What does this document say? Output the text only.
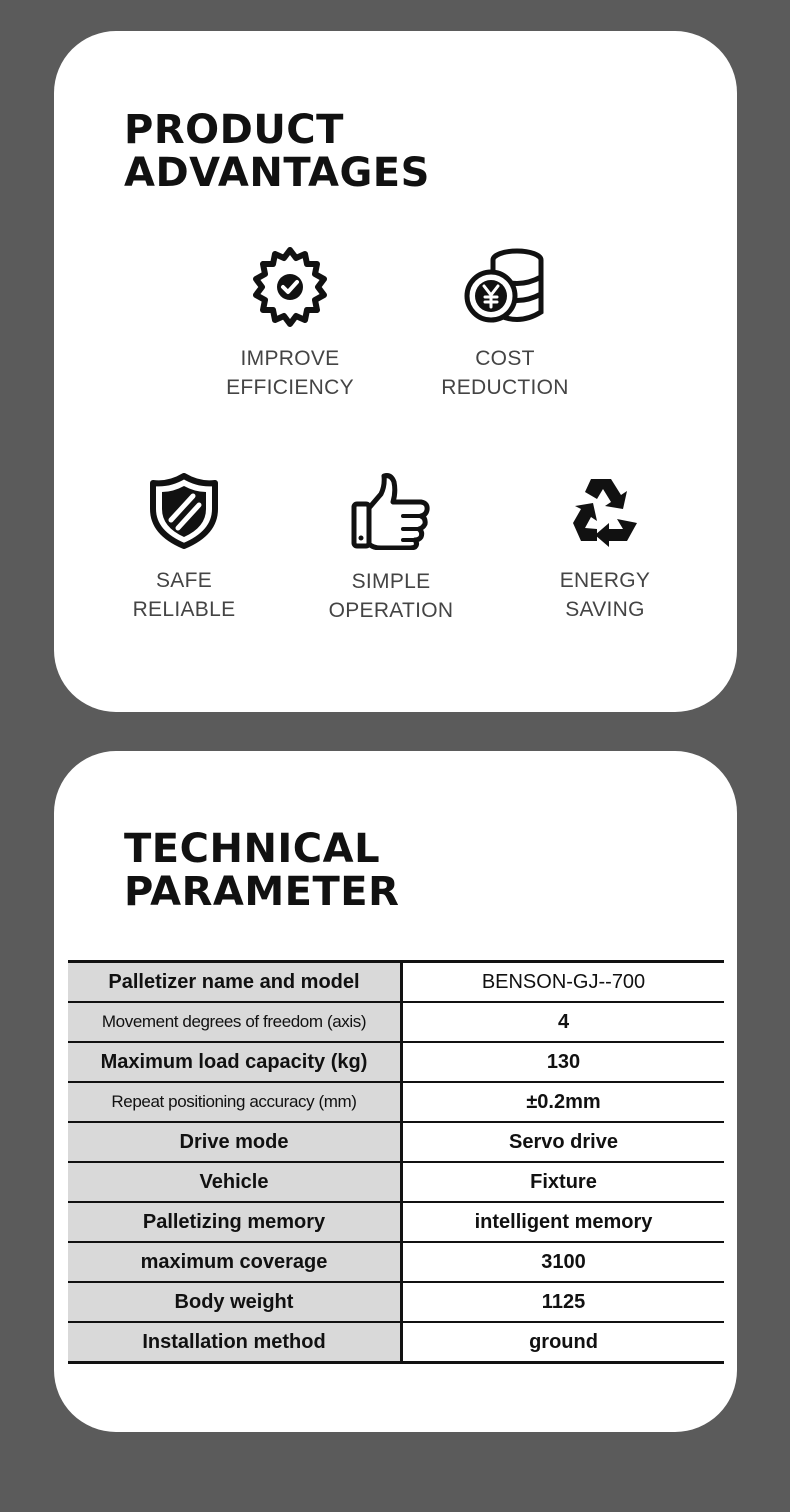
PRODUCT
ADVANTAGES
IMPROVE
EFFICIENCY
COST
REDUCTION
SAFE
RELIABLE
SIMPLE
OPERATION
ENERGY
SAVING
TECHNICAL
PARAMETER
Palletizer name and model	BENSON-GJ--700
Movement degrees of freedom (axis)	4
Maximum load capacity (kg)	130
Repeat positioning accuracy (mm)	±0.2mm
Drive mode	Servo drive
Vehicle	Fixture
Palletizing memory	intelligent memory
maximum coverage	3100
Body weight	1125
Installation method	ground
